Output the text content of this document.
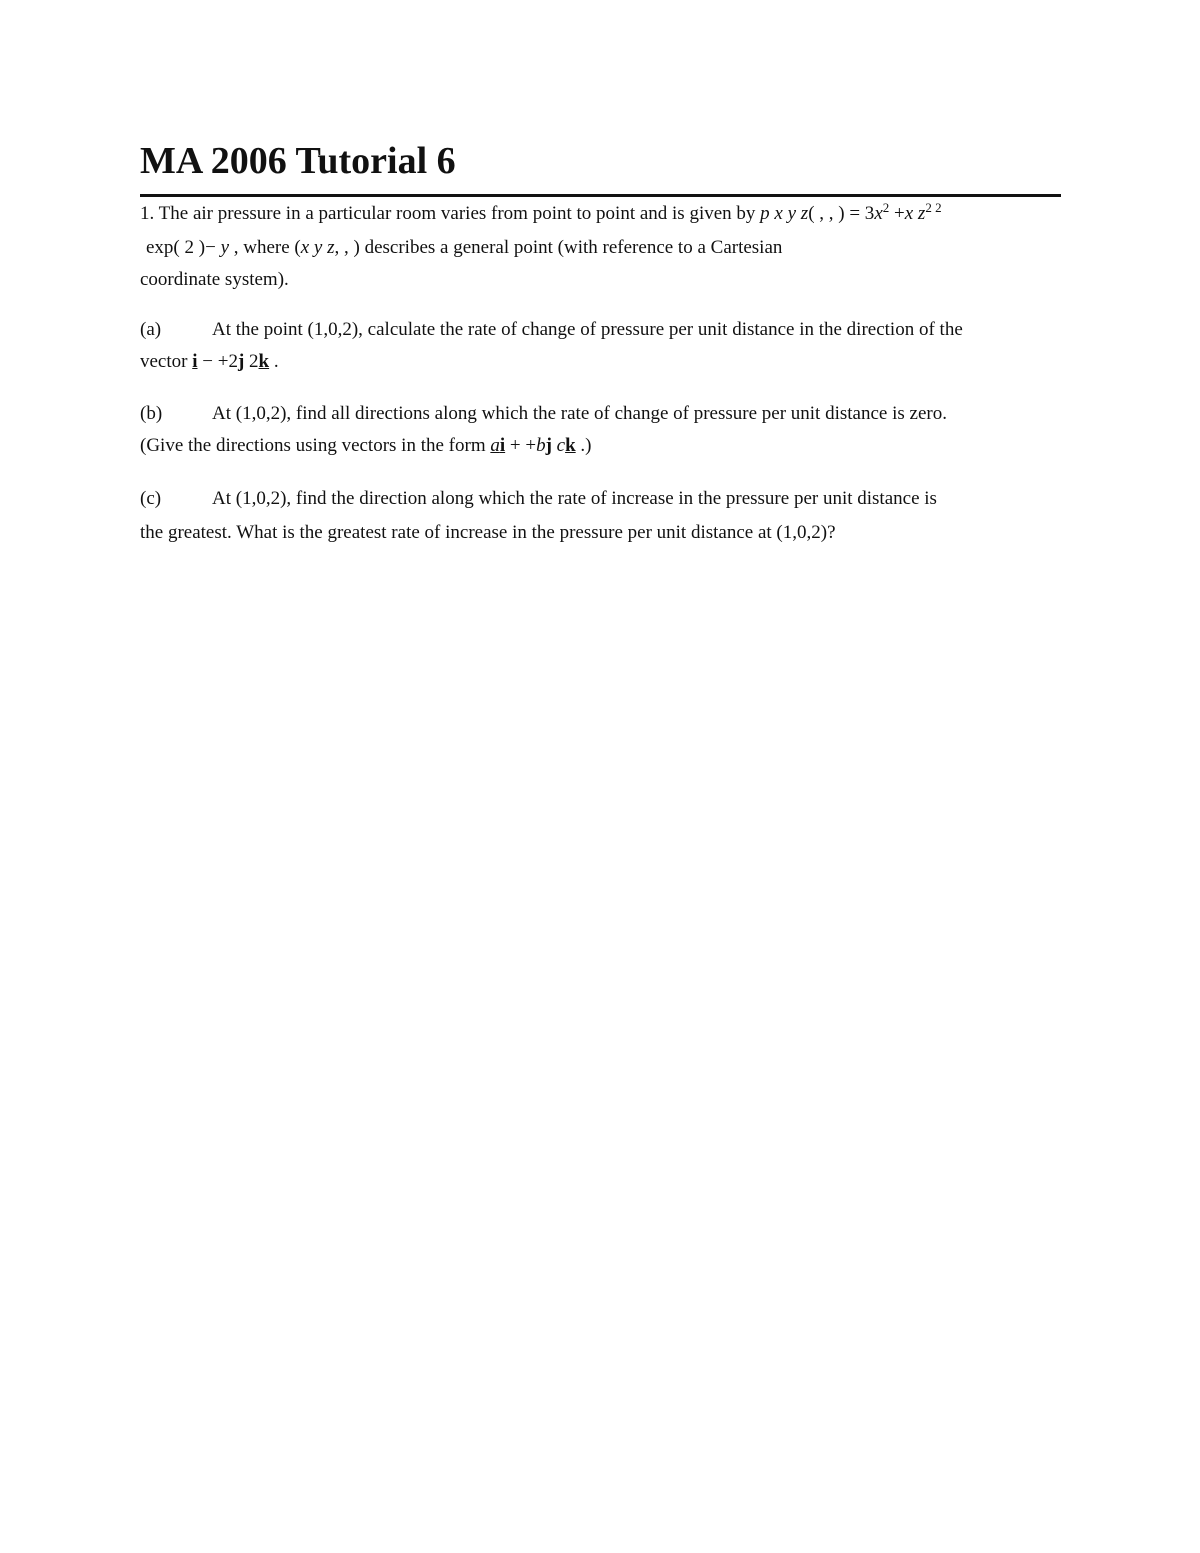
MA 2006 Tutorial 6
1. The air pressure in a particular room varies from point to point and is given by p x y z( , , ) = $3x^2 +x$ $z^{2 2}$
exp( 2 )− y , where (x y z, , ) describes a general point (with reference to a Cartesian
coordinate system).
(a)	At the point (1,0,2), calculate the rate of change of pressure per unit distance in the direction of the
vector i − +2j 2k .
(b)	At (1,0,2), find all directions along which the rate of change of pressure per unit distance is zero.
(Give the directions using vectors in the form ai + +bj ck .)
(c)	At (1,0,2), find the direction along which the rate of increase in the pressure per unit distance is
the greatest. What is the greatest rate of increase in the pressure per unit distance at (1,0,2)?
